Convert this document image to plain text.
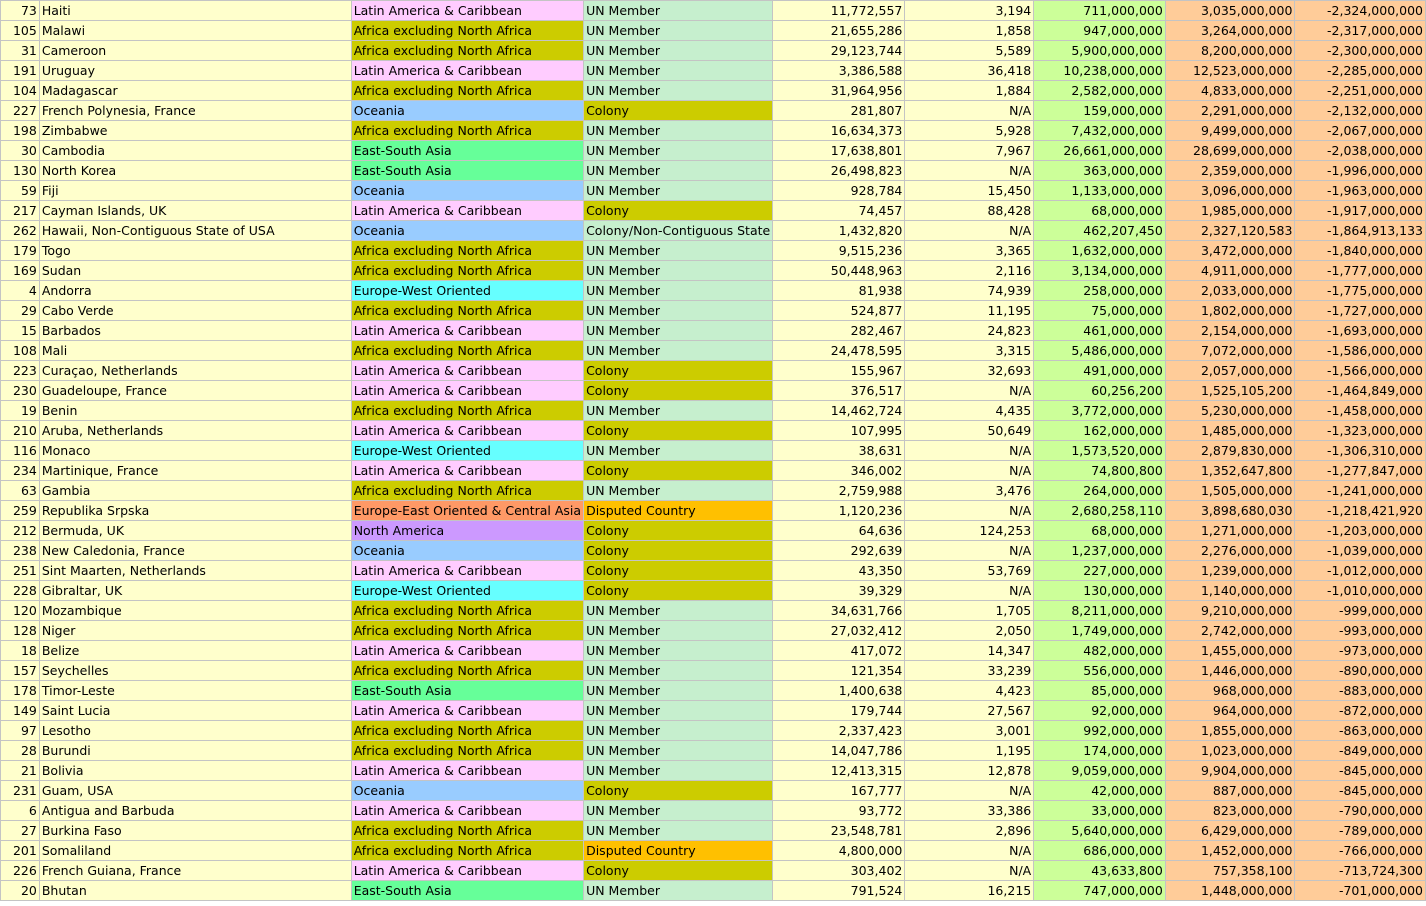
73	Haiti	Latin America & Caribbean	UN Member	11,772,557	3,194	711,000,000	3,035,000,000	-2,324,000,000
105	Malawi	Africa excluding North Africa	UN Member	21,655,286	1,858	947,000,000	3,264,000,000	-2,317,000,000
31	Cameroon	Africa excluding North Africa	UN Member	29,123,744	5,589	5,900,000,000	8,200,000,000	-2,300,000,000
191	Uruguay	Latin America & Caribbean	UN Member	3,386,588	36,418	10,238,000,000	12,523,000,000	-2,285,000,000
104	Madagascar	Africa excluding North Africa	UN Member	31,964,956	1,884	2,582,000,000	4,833,000,000	-2,251,000,000
227	French Polynesia, France	Oceania	Colony	281,807	N/A	159,000,000	2,291,000,000	-2,132,000,000
198	Zimbabwe	Africa excluding North Africa	UN Member	16,634,373	5,928	7,432,000,000	9,499,000,000	-2,067,000,000
30	Cambodia	East-South Asia	UN Member	17,638,801	7,967	26,661,000,000	28,699,000,000	-2,038,000,000
130	North Korea	East-South Asia	UN Member	26,498,823	N/A	363,000,000	2,359,000,000	-1,996,000,000
59	Fiji	Oceania	UN Member	928,784	15,450	1,133,000,000	3,096,000,000	-1,963,000,000
217	Cayman Islands, UK	Latin America & Caribbean	Colony	74,457	88,428	68,000,000	1,985,000,000	-1,917,000,000
262	Hawaii, Non-Contiguous State of USA	Oceania	Colony/Non-Contiguous State	1,432,820	N/A	462,207,450	2,327,120,583	-1,864,913,133
179	Togo	Africa excluding North Africa	UN Member	9,515,236	3,365	1,632,000,000	3,472,000,000	-1,840,000,000
169	Sudan	Africa excluding North Africa	UN Member	50,448,963	2,116	3,134,000,000	4,911,000,000	-1,777,000,000
4	Andorra	Europe-West Oriented	UN Member	81,938	74,939	258,000,000	2,033,000,000	-1,775,000,000
29	Cabo Verde	Africa excluding North Africa	UN Member	524,877	11,195	75,000,000	1,802,000,000	-1,727,000,000
15	Barbados	Latin America & Caribbean	UN Member	282,467	24,823	461,000,000	2,154,000,000	-1,693,000,000
108	Mali	Africa excluding North Africa	UN Member	24,478,595	3,315	5,486,000,000	7,072,000,000	-1,586,000,000
223	Curaçao, Netherlands	Latin America & Caribbean	Colony	155,967	32,693	491,000,000	2,057,000,000	-1,566,000,000
230	Guadeloupe, France	Latin America & Caribbean	Colony	376,517	N/A	60,256,200	1,525,105,200	-1,464,849,000
19	Benin	Africa excluding North Africa	UN Member	14,462,724	4,435	3,772,000,000	5,230,000,000	-1,458,000,000
210	Aruba, Netherlands	Latin America & Caribbean	Colony	107,995	50,649	162,000,000	1,485,000,000	-1,323,000,000
116	Monaco	Europe-West Oriented	UN Member	38,631	N/A	1,573,520,000	2,879,830,000	-1,306,310,000
234	Martinique, France	Latin America & Caribbean	Colony	346,002	N/A	74,800,800	1,352,647,800	-1,277,847,000
63	Gambia	Africa excluding North Africa	UN Member	2,759,988	3,476	264,000,000	1,505,000,000	-1,241,000,000
259	Republika Srpska	Europe-East Oriented & Central Asia	Disputed Country	1,120,236	N/A	2,680,258,110	3,898,680,030	-1,218,421,920
212	Bermuda, UK	North America	Colony	64,636	124,253	68,000,000	1,271,000,000	-1,203,000,000
238	New Caledonia, France	Oceania	Colony	292,639	N/A	1,237,000,000	2,276,000,000	-1,039,000,000
251	Sint Maarten, Netherlands	Latin America & Caribbean	Colony	43,350	53,769	227,000,000	1,239,000,000	-1,012,000,000
228	Gibraltar, UK	Europe-West Oriented	Colony	39,329	N/A	130,000,000	1,140,000,000	-1,010,000,000
120	Mozambique	Africa excluding North Africa	UN Member	34,631,766	1,705	8,211,000,000	9,210,000,000	-999,000,000
128	Niger	Africa excluding North Africa	UN Member	27,032,412	2,050	1,749,000,000	2,742,000,000	-993,000,000
18	Belize	Latin America & Caribbean	UN Member	417,072	14,347	482,000,000	1,455,000,000	-973,000,000
157	Seychelles	Africa excluding North Africa	UN Member	121,354	33,239	556,000,000	1,446,000,000	-890,000,000
178	Timor-Leste	East-South Asia	UN Member	1,400,638	4,423	85,000,000	968,000,000	-883,000,000
149	Saint Lucia	Latin America & Caribbean	UN Member	179,744	27,567	92,000,000	964,000,000	-872,000,000
97	Lesotho	Africa excluding North Africa	UN Member	2,337,423	3,001	992,000,000	1,855,000,000	-863,000,000
28	Burundi	Africa excluding North Africa	UN Member	14,047,786	1,195	174,000,000	1,023,000,000	-849,000,000
21	Bolivia	Latin America & Caribbean	UN Member	12,413,315	12,878	9,059,000,000	9,904,000,000	-845,000,000
231	Guam, USA	Oceania	Colony	167,777	N/A	42,000,000	887,000,000	-845,000,000
6	Antigua and Barbuda	Latin America & Caribbean	UN Member	93,772	33,386	33,000,000	823,000,000	-790,000,000
27	Burkina Faso	Africa excluding North Africa	UN Member	23,548,781	2,896	5,640,000,000	6,429,000,000	-789,000,000
201	Somaliland	Africa excluding North Africa	Disputed Country	4,800,000	N/A	686,000,000	1,452,000,000	-766,000,000
226	French Guiana, France	Latin America & Caribbean	Colony	303,402	N/A	43,633,800	757,358,100	-713,724,300
20	Bhutan	East-South Asia	UN Member	791,524	16,215	747,000,000	1,448,000,000	-701,000,000
